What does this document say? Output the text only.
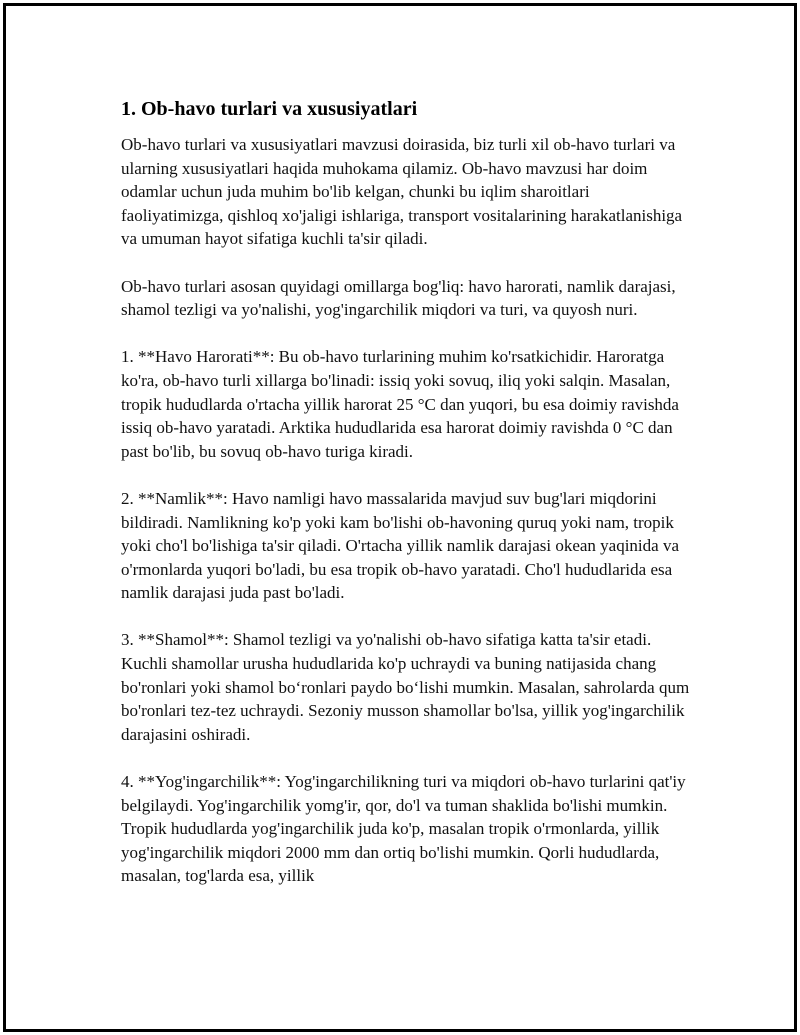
1. Ob-havo turlari va xususiyatlari

Ob-havo turlari va xususiyatlari mavzusi doirasida, biz turli xil ob-havo turlari va ularning xususiyatlari haqida muhokama qilamiz. Ob-havo mavzusi har doim odamlar uchun juda muhim bo'lib kelgan, chunki bu iqlim sharoitlari faoliyatimizga, qishloq xo'jaligi ishlariga, transport vositalarining harakatlanishiga va umuman hayot sifatiga kuchli ta'sir qiladi.

Ob-havo turlari asosan quyidagi omillarga bog'liq: havo harorati, namlik darajasi, shamol tezligi va yo'nalishi, yog'ingarchilik miqdori va turi, va quyosh nuri.

1. **Havo Harorati**: Bu ob-havo turlarining muhim ko'rsatkichidir. Haroratga ko'ra, ob-havo turli xillarga bo'linadi: issiq yoki sovuq, iliq yoki salqin. Masalan, tropik hududlarda o'rtacha yillik harorat 25 °C dan yuqori, bu esa doimiy ravishda issiq ob-havo yaratadi. Arktika hududlarida esa harorat doimiy ravishda 0 °C dan past bo'lib, bu sovuq ob-havo turiga kiradi.

2. **Namlik**: Havo namligi havo massalarida mavjud suv bug'lari miqdorini bildiradi. Namlikning ko'p yoki kam bo'lishi ob-havoning quruq yoki nam, tropik yoki cho'l bo'lishiga ta'sir qiladi. O'rtacha yillik namlik darajasi okean yaqinida va o'rmonlarda yuqori bo'ladi, bu esa tropik ob-havo yaratadi. Cho'l hududlarida esa namlik darajasi juda past bo'ladi.

3. **Shamol**: Shamol tezligi va yo'nalishi ob-havo sifatiga katta ta'sir etadi. Kuchli shamollar urusha hududlarida ko'p uchraydi va buning natijasida chang bo'ronlari yoki shamol bo‘ronlari paydo bo‘lishi mumkin. Masalan, sahrolarda qum bo'ronlari tez-tez uchraydi. Sezoniy musson shamollar bo'lsa, yillik yog'ingarchilik darajasini oshiradi.

4. **Yog'ingarchilik**: Yog'ingarchilikning turi va miqdori ob-havo turlarini qat'iy belgilaydi. Yog'ingarchilik yomg'ir, qor, do'l va tuman shaklida bo'lishi mumkin. Tropik hududlarda yog'ingarchilik juda ko'p, masalan tropik o'rmonlarda, yillik yog'ingarchilik miqdori 2000 mm dan ortiq bo'lishi mumkin. Qorli hududlarda, masalan, tog'larda esa, yillik
